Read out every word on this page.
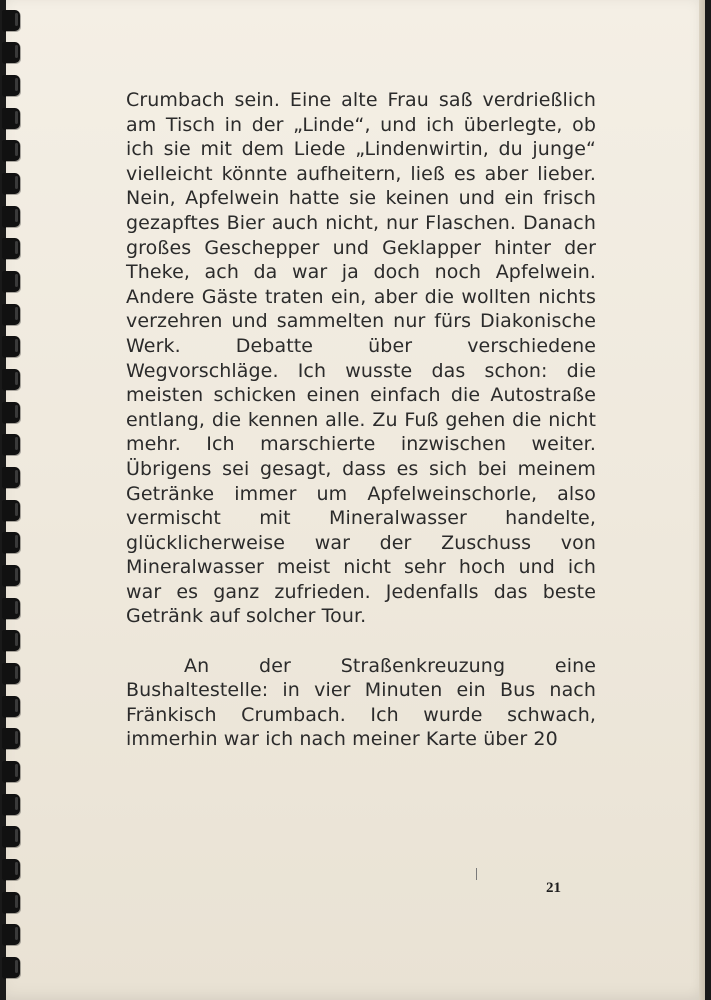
Crumbach sein. Eine alte Frau saß verdrießlich am Tisch in der „Linde“, und ich überlegte, ob ich sie mit dem Liede „Lindenwirtin, du junge“ vielleicht könnte aufheitern, ließ es aber lieber. Nein, Apfelwein hatte sie keinen und ein frisch gezapftes Bier auch nicht, nur Flaschen. Danach großes Geschepper und Geklapper hinter der Theke, ach da war ja doch noch Apfelwein. Andere Gäste traten ein, aber die wollten nichts verzehren und sammelten nur fürs Diakonische Werk. Debatte über verschiedene Wegvorschläge. Ich wusste das schon: die meisten schicken einen einfach die Autostraße entlang, die kennen alle. Zu Fuß gehen die nicht mehr. Ich marschierte inzwischen weiter. Übrigens sei gesagt, dass es sich bei meinem Getränke immer um Apfelweinschorle, also vermischt mit Mineralwasser handelte, glücklicherweise war der Zuschuss von Mineralwasser meist nicht sehr hoch und ich war es ganz zufrieden. Jedenfalls das beste Getränk auf solcher Tour.

An der Straßenkreuzung eine Bushaltestelle: in vier Minuten ein Bus nach Fränkisch Crumbach. Ich wurde schwach, immerhin war ich nach meiner Karte über 20

21
